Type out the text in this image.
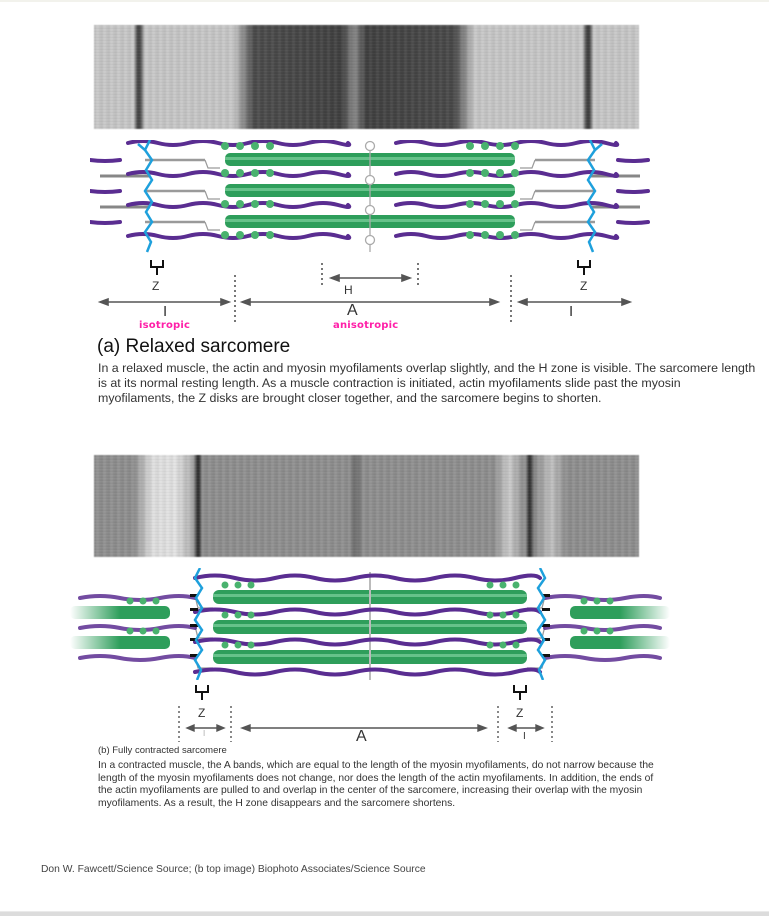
Z	Z
H
I	A	I
isotropic	anisotropic
(a) Relaxed sarcomere
In a relaxed muscle, the actin and myosin myofilaments overlap slightly, and the H zone is visible. The sarcomere length is at its normal resting length. As a muscle contraction is initiated, actin myofilaments slide past the myosin myofilaments, the Z disks are brought closer together, and the sarcomere begins to shorten.
Z	Z
I	A	I
(b) Fully contracted sarcomere
In a contracted muscle, the A bands, which are equal to the length of the myosin myofilaments, do not narrow because the length of the myosin myofilaments does not change, nor does the length of the actin myofilaments. In addition, the ends of the actin myofilaments are pulled to and overlap in the center of the sarcomere, increasing their overlap with the myosin myofilaments. As a result, the H zone disappears and the sarcomere shortens.
Don W. Fawcett/Science Source; (b top image) Biophoto Associates/Science Source
